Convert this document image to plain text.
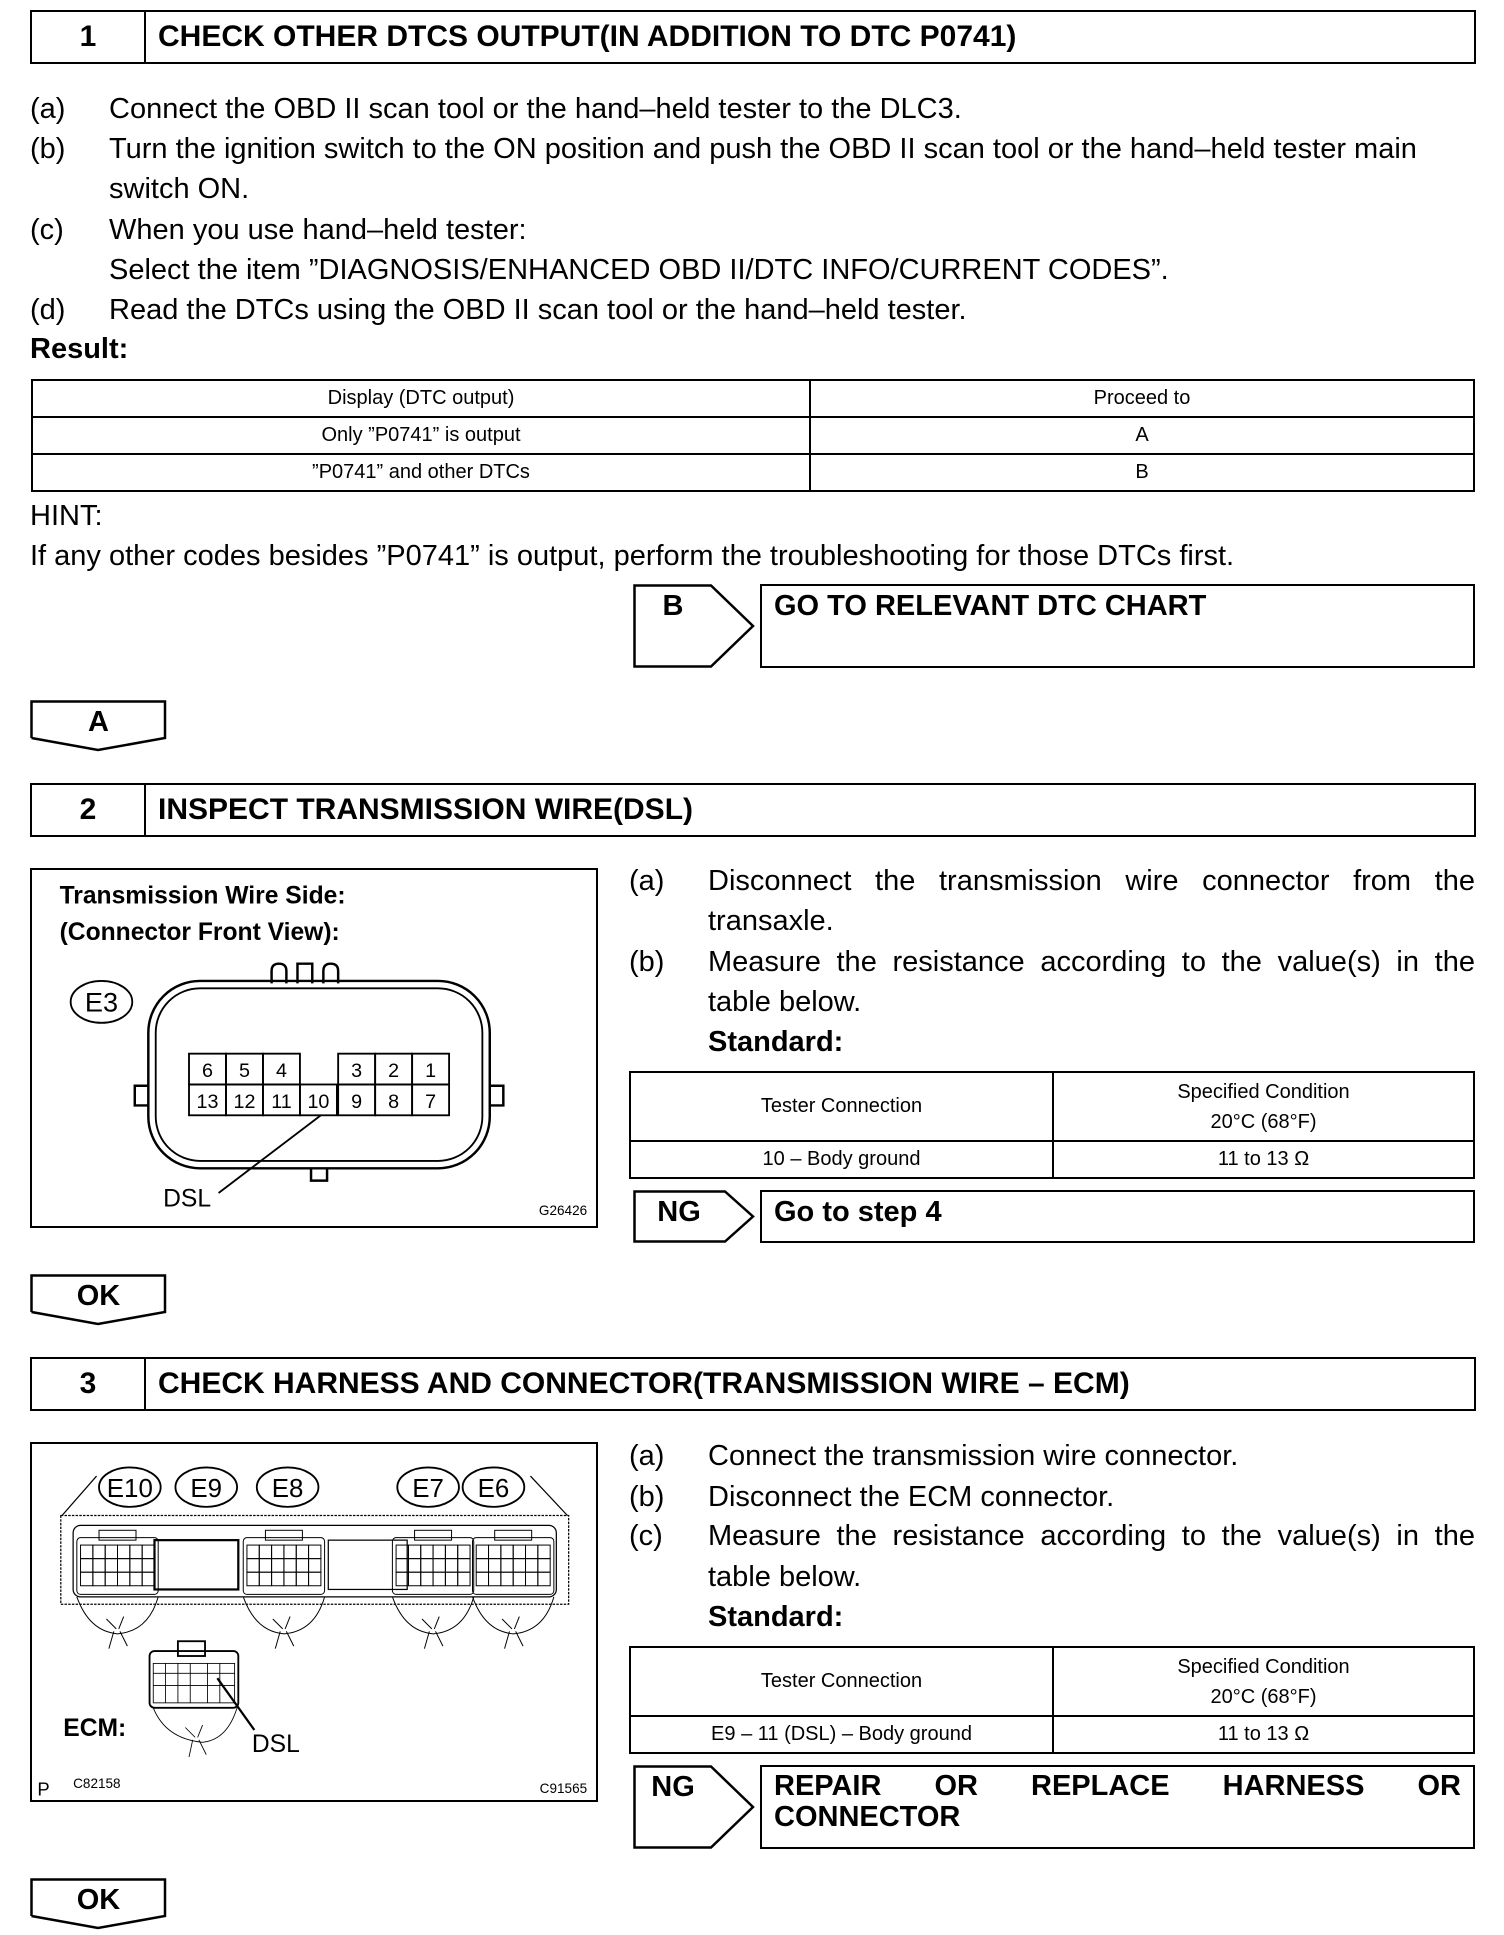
1	CHECK OTHER DTCS OUTPUT(IN ADDITION TO DTC P0741)
(a) Connect the OBD II scan tool or the hand–held tester to the DLC3.
(b) Turn the ignition switch to the ON position and push the OBD II scan tool or the hand–held tester main
switch ON.
(c) When you use hand–held tester:
Select the item ”DIAGNOSIS/ENHANCED OBD II/DTC INFO/CURRENT CODES”.
(d) Read the DTCs using the OBD II scan tool or the hand–held tester.
Result:
Display (DTC output)	Proceed to
Only ”P0741” is output	A
”P0741” and other DTCs	B
HINT:
If any other codes besides ”P0741” is output, perform the troubleshooting for those DTCs first.
B	GO TO RELEVANT DTC CHART
A
2	INSPECT TRANSMISSION WIRE(DSL)
Transmission Wire Side:
(Connector Front View):
E3
6 5 4	3 2 1
13 12 11 10 9 8 7
DSL	G26426
(a) Disconnect the transmission wire connector from the
transaxle.
(b) Measure the resistance according to the value(s) in the
table below.
Standard:
Tester Connection	Specified Condition
20°C (68°F)
10 – Body ground	11 to 13 Ω
NG	Go to step 4
OK
3	CHECK HARNESS AND CONNECTOR(TRANSMISSION WIRE – ECM)
E10 E9 E8	E7 E6
ECM:
DSL
P C82158	C91565
(a) Connect the transmission wire connector.
(b) Disconnect the ECM connector.
(c) Measure the resistance according to the value(s) in the
table below.
Standard:
Tester Connection	Specified Condition
20°C (68°F)
E9 – 11 (DSL) – Body ground	11 to 13 Ω
NG	REPAIR OR REPLACE HARNESS OR
CONNECTOR
OK
